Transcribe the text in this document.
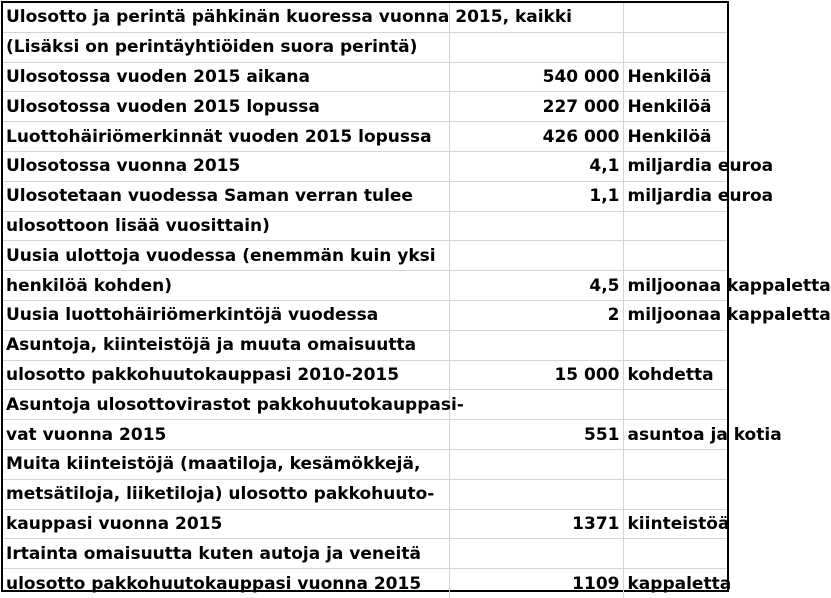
Ulosotto ja perintä pähkinän kuoressa vuonna 2015, kaikki		
(Lisäksi on perintäyhtiöiden suora perintä)		
Ulosotossa vuoden 2015 aikana	540 000	Henkilöä
Ulosotossa vuoden 2015 lopussa	227 000	Henkilöä
Luottohäiriömerkinnät vuoden 2015 lopussa	426 000	Henkilöä
Ulosotossa vuonna 2015	4,1	miljardia euroa
Ulosotetaan vuodessa Saman verran tulee	1,1	miljardia euroa
ulosottoon lisää vuosittain)		
Uusia ulottoja vuodessa (enemmän kuin yksi		
henkilöä kohden)	4,5	miljoonaa kappaletta
Uusia luottohäiriömerkintöjä vuodessa	2	miljoonaa kappaletta
Asuntoja, kiinteistöjä ja muuta omaisuutta		
ulosotto pakkohuutokauppasi 2010-2015	15 000	kohdetta
Asuntoja ulosottovirastot pakkohuutokauppasi-		
vat vuonna 2015	551	asuntoa ja kotia
Muita kiinteistöjä (maatiloja, kesämökkejä,		
metsätiloja, liiketiloja) ulosotto pakkohuuto-		
kauppasi vuonna 2015	1371	kiinteistöä
Irtainta omaisuutta kuten autoja ja veneitä		
ulosotto pakkohuutokauppasi vuonna 2015	1109	kappaletta
